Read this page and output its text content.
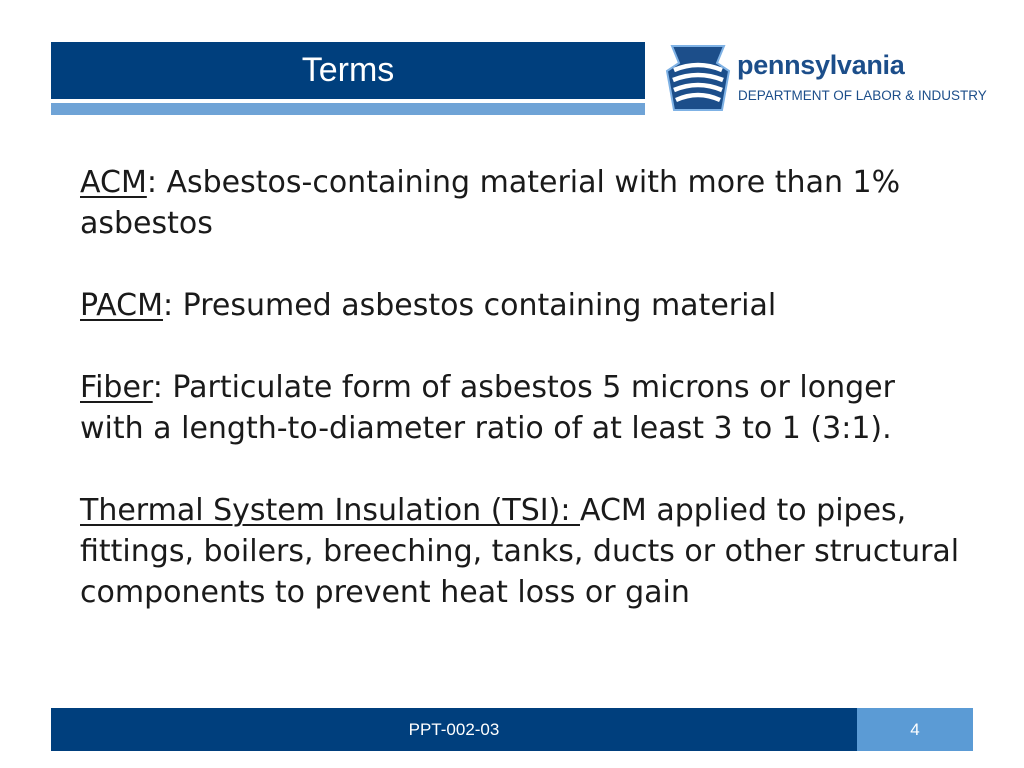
Terms	pennsylvania
DEPARTMENT OF LABOR & INDUSTRY

ACM: Asbestos-containing material with more than 1% asbestos

PACM: Presumed asbestos containing material

Fiber: Particulate form of asbestos 5 microns or longer with a length-to-diameter ratio of at least 3 to 1 (3:1).

Thermal System Insulation (TSI): ACM applied to pipes, fittings, boilers, breeching, tanks, ducts or other structural components to prevent heat loss or gain

PPT-002-03	4
